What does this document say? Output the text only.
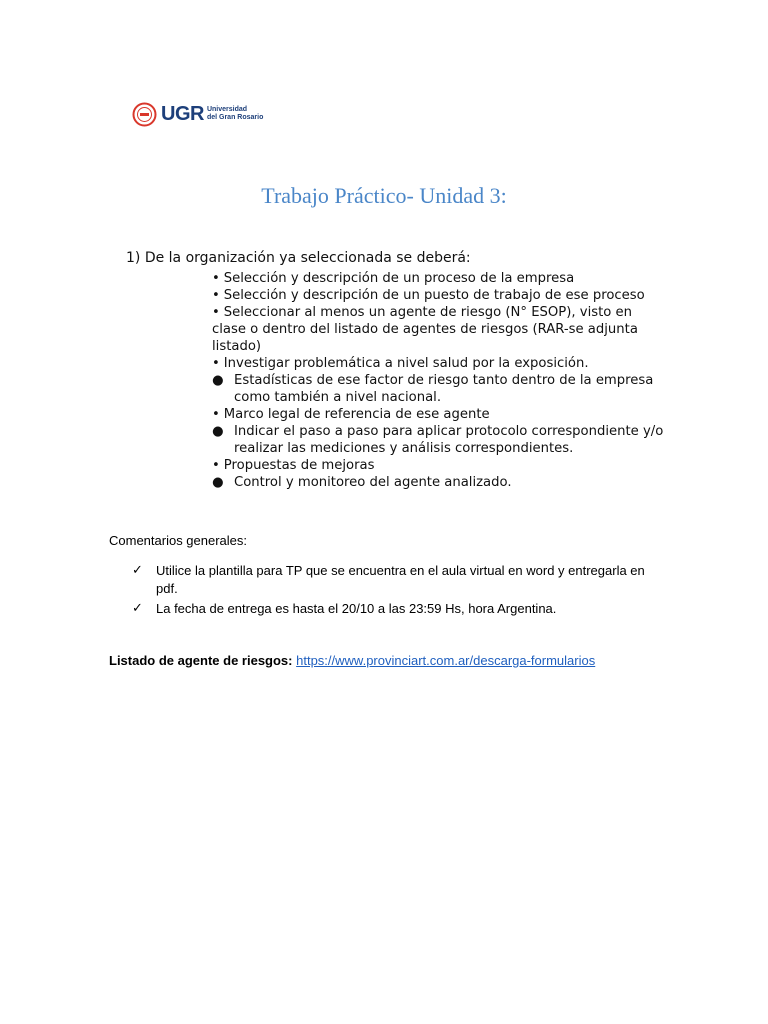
UGR Universidad
del Gran Rosario
Trabajo Práctico- Unidad 3:

1) De la organización ya seleccionada se deberá:

• Selección y descripción de un proceso de la empresa
• Selección y descripción de un puesto de trabajo de ese proceso
• Seleccionar al menos un agente de riesgo (N° ESOP), visto en clase o dentro del listado de agentes de riesgos (RAR-se adjunta listado)
• Investigar problemática a nivel salud por la exposición.
● Estadísticas de ese factor de riesgo tanto dentro de la empresa como también a nivel nacional.
• Marco legal de referencia de ese agente
● Indicar el paso a paso para aplicar protocolo correspondiente y/o realizar las mediciones y análisis correspondientes.
• Propuestas de mejoras
● Control y monitoreo del agente analizado.
Comentarios generales:
✓ Utilice la plantilla para TP que se encuentra en el aula virtual en word y entregarla en pdf.
✓ La fecha de entrega es hasta el 20/10 a las 23:59 Hs, hora Argentina.
Listado de agente de riesgos: https://www.provinciart.com.ar/descarga-formularios
